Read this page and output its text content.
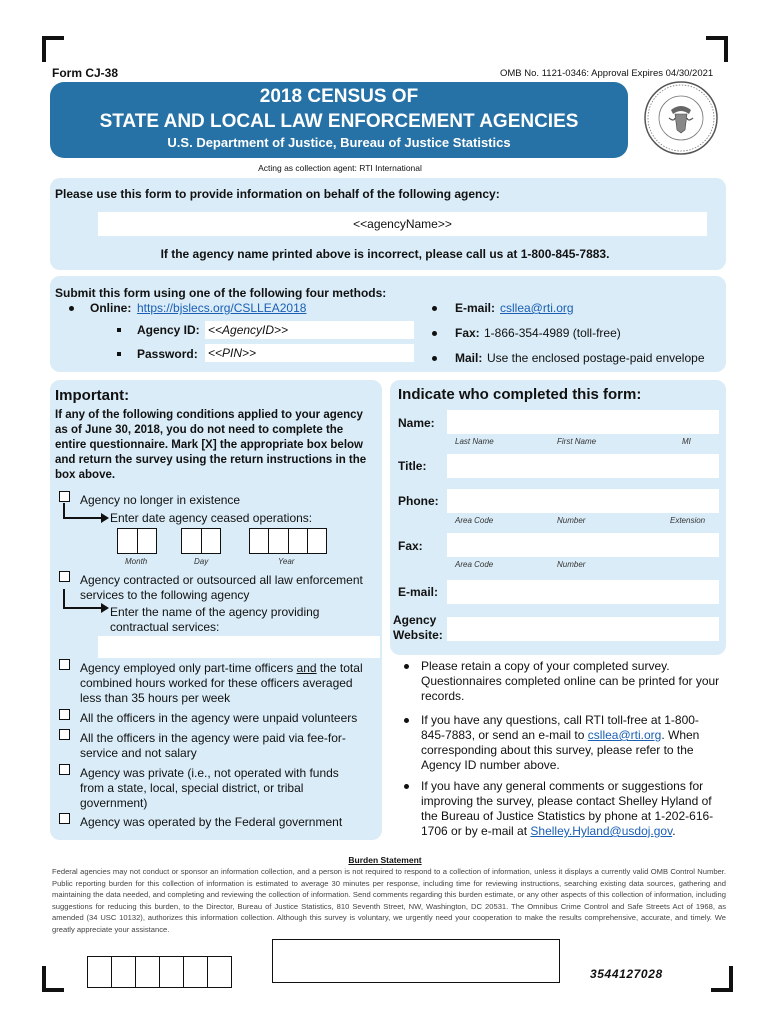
Form CJ-38	OMB No. 1121-0346: Approval Expires 04/30/2021
2018 CENSUS OF
STATE AND LOCAL LAW ENFORCEMENT AGENCIES
U.S. Department of Justice, Bureau of Justice Statistics
Acting as collection agent: RTI International
Please use this form to provide information on behalf of the following agency:
<<agencyName>>
If the agency name printed above is incorrect, please call us at 1-800-845-7883.
Submit this form using one of the following four methods:
Online: https://bjslecs.org/CSLLEA2018
Agency ID: <<AgencyID>>
Password: <<PIN>>
E-mail: csllea@rti.org
Fax: 1-866-354-4989 (toll-free)
Mail: Use the enclosed postage-paid envelope
Important:
If any of the following conditions applied to your agency as of June 30, 2018, you do not need to complete the entire questionnaire. Mark [X] the appropriate box below and return the survey using the return instructions in the box above.
Agency no longer in existence
Enter date agency ceased operations:
Month	Day	Year
Agency contracted or outsourced all law enforcement services to the following agency
Enter the name of the agency providing contractual services:
Agency employed only part-time officers and the total combined hours worked for these officers averaged less than 35 hours per week
All the officers in the agency were unpaid volunteers
All the officers in the agency were paid via fee-for-service and not salary
Agency was private (i.e., not operated with funds from a state, local, special district, or tribal government)
Agency was operated by the Federal government
Indicate who completed this form:
Name:
Last Name	First Name	MI
Title:
Phone:
Area Code	Number	Extension
Fax:
Area Code	Number
E-mail:
Agency
Website:
Please retain a copy of your completed survey. Questionnaires completed online can be printed for your records.
If you have any questions, call RTI toll-free at 1-800-845-7883, or send an e-mail to csllea@rti.org. When corresponding about this survey, please refer to the Agency ID number above.
If you have any general comments or suggestions for improving the survey, please contact Shelley Hyland of the Bureau of Justice Statistics by phone at 1-202-616-1706 or by e-mail at Shelley.Hyland@usdoj.gov.
Burden Statement
Federal agencies may not conduct or sponsor an information collection, and a person is not required to respond to a collection of information, unless it displays a currently valid OMB Control Number. Public reporting burden for this collection of information is estimated to average 30 minutes per response, including time for reviewing instructions, searching existing data sources, gathering and maintaining the data needed, and completing and reviewing the collection of information. Send comments regarding this burden estimate, or any other aspects of this collection of information, including suggestions for reducing this burden, to the Director, Bureau of Justice Statistics, 810 Seventh Street, NW, Washington, DC 20531. The Omnibus Crime Control and Safe Streets Act of 1968, as amended (34 USC 10132), authorizes this information collection. Although this survey is voluntary, we urgently need your cooperation to make the results comprehensive, accurate, and timely. We greatly appreciate your assistance.
3544127028
